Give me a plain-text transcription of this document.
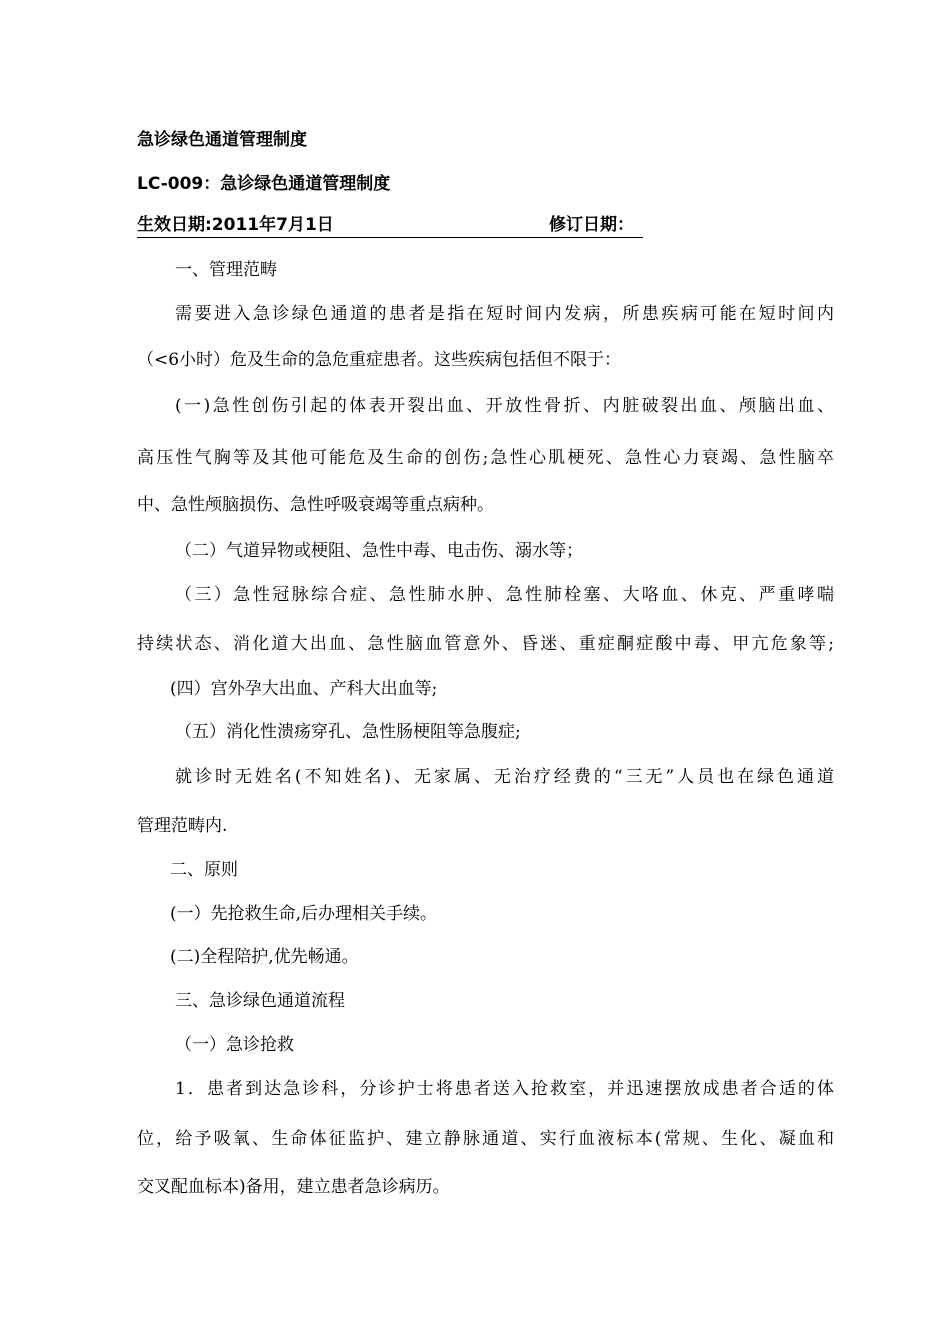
急诊绿色通道管理制度
LC-009：急诊绿色通道管理制度
生效日期:2011年7月1日	修订日期：
一、管理范畴
需要进入急诊绿色通道的患者是指在短时间内发病，所患疾病可能在短时间内
（<6小时）危及生命的急危重症患者。这些疾病包括但不限于：
(一)急性创伤引起的体表开裂出血、开放性骨折、内脏破裂出血、颅脑出血、
高压性气胸等及其他可能危及生命的创伤;急性心肌梗死、急性心力衰竭、急性脑卒
中、急性颅脑损伤、急性呼吸衰竭等重点病种。
（二）气道异物或梗阻、急性中毒、电击伤、溺水等；
（三）急性冠脉综合症、急性肺水肿、急性肺栓塞、大咯血、休克、严重哮喘
持续状态、消化道大出血、急性脑血管意外、昏迷、重症酮症酸中毒、甲亢危象等;
(四）宫外孕大出血、产科大出血等;
（五）消化性溃疡穿孔、急性肠梗阻等急腹症;
就诊时无姓名(不知姓名)、无家属、无治疗经费的“三无”人员也在绿色通道
管理范畴内.
二、原则
(一）先抢救生命,后办理相关手续。
(二)全程陪护,优先畅通。
三、急诊绿色通道流程
（一）急诊抢救
1．患者到达急诊科，分诊护士将患者送入抢救室，并迅速摆放成患者合适的体
位，给予吸氧、生命体征监护、建立静脉通道、实行血液标本(常规、生化、凝血和
交叉配血标本)备用，建立患者急诊病历。
